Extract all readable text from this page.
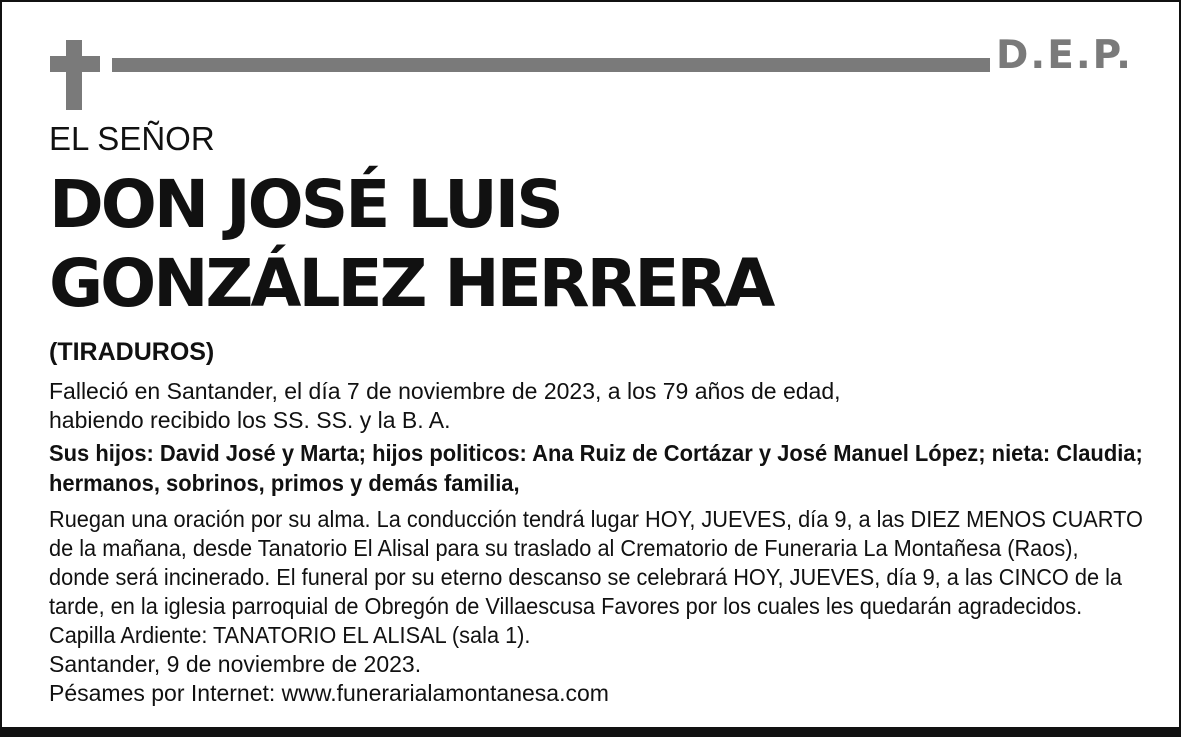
D.E.P.
EL SEÑOR
DON JOSÉ LUIS
GONZÁLEZ HERRERA
(TIRADUROS)
Falleció en Santander, el día 7 de noviembre de 2023, a los 79 años de edad,
habiendo recibido los SS. SS. y la B. A.
Sus hijos: David José y Marta; hijos politicos: Ana Ruiz de Cortázar y José Manuel López; nieta: Claudia;
hermanos, sobrinos, primos y demás familia,
Ruegan una oración por su alma. La conducción tendrá lugar HOY, JUEVES, día 9, a las DIEZ MENOS CUARTO
de la mañana, desde Tanatorio El Alisal para su traslado al Crematorio de Funeraria La Montañesa (Raos),
donde será incinerado. El funeral por su eterno descanso se celebrará HOY, JUEVES, día 9, a las CINCO de la
tarde, en la iglesia parroquial de Obregón de Villaescusa Favores por los cuales les quedarán agradecidos.
Capilla Ardiente: TANATORIO EL ALISAL (sala 1).
Santander, 9 de noviembre de 2023.
Pésames por Internet: www.funerarialamontanesa.com
